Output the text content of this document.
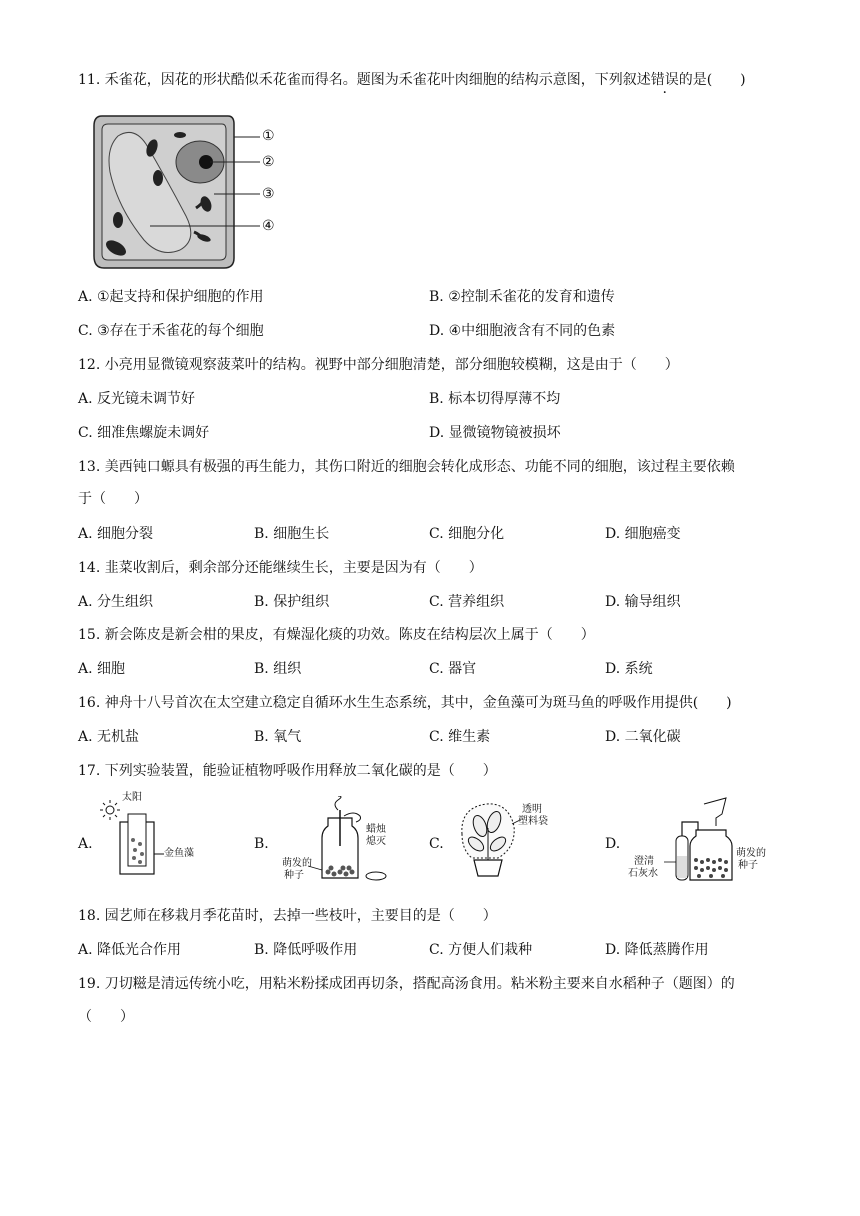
11. 禾雀花，因花的形状酷似禾花雀而得名。题图为禾雀花叶肉细胞的结构示意图，下列叙述错误的是(　　)
①
②
③
④
A. ①起支持和保护细胞的作用	B. ②控制禾雀花的发育和遗传
C. ③存在于禾雀花的每个细胞	D. ④中细胞液含有不同的色素
12. 小亮用显微镜观察菠菜叶的结构。视野中部分细胞清楚，部分细胞较模糊，这是由于（　　）
A. 反光镜未调节好	B. 标本切得厚薄不均
C. 细准焦螺旋未调好	D. 显微镜物镜被损坏
13. 美西钝口螈具有极强的再生能力，其伤口附近的细胞会转化成形态、功能不同的细胞，该过程主要依赖
于（　　）
A. 细胞分裂	B. 细胞生长	C. 细胞分化	D. 细胞癌变
14. 韭菜收割后，剩余部分还能继续生长，主要是因为有（　　）
A. 分生组织	B. 保护组织	C. 营养组织	D. 输导组织
15. 新会陈皮是新会柑的果皮，有燥湿化痰的功效。陈皮在结构层次上属于（　　）
A. 细胞	B. 组织	C. 器官	D. 系统
16. 神舟十八号首次在太空建立稳定自循环水生生态系统，其中，金鱼藻可为斑马鱼的呼吸作用提供(　　)
A. 无机盐	B. 氧气	C. 维生素	D. 二氧化碳
17. 下列实验装置，能验证植物呼吸作用释放二氧化碳的是（　　）
A.
太阳
金鱼藻
B.
蜡烛
熄灭
萌发的
种子
C.
透明
塑料袋
D.
澄清
石灰水
萌发的
种子
18. 园艺师在移栽月季花苗时，去掉一些枝叶，主要目的是（　　）
A. 降低光合作用	B. 降低呼吸作用	C. 方便人们栽种	D. 降低蒸腾作用
19. 刀切糍是清远传统小吃，用粘米粉揉成团再切条，搭配高汤食用。粘米粉主要来自水稻种子（题图）的
（　　）
